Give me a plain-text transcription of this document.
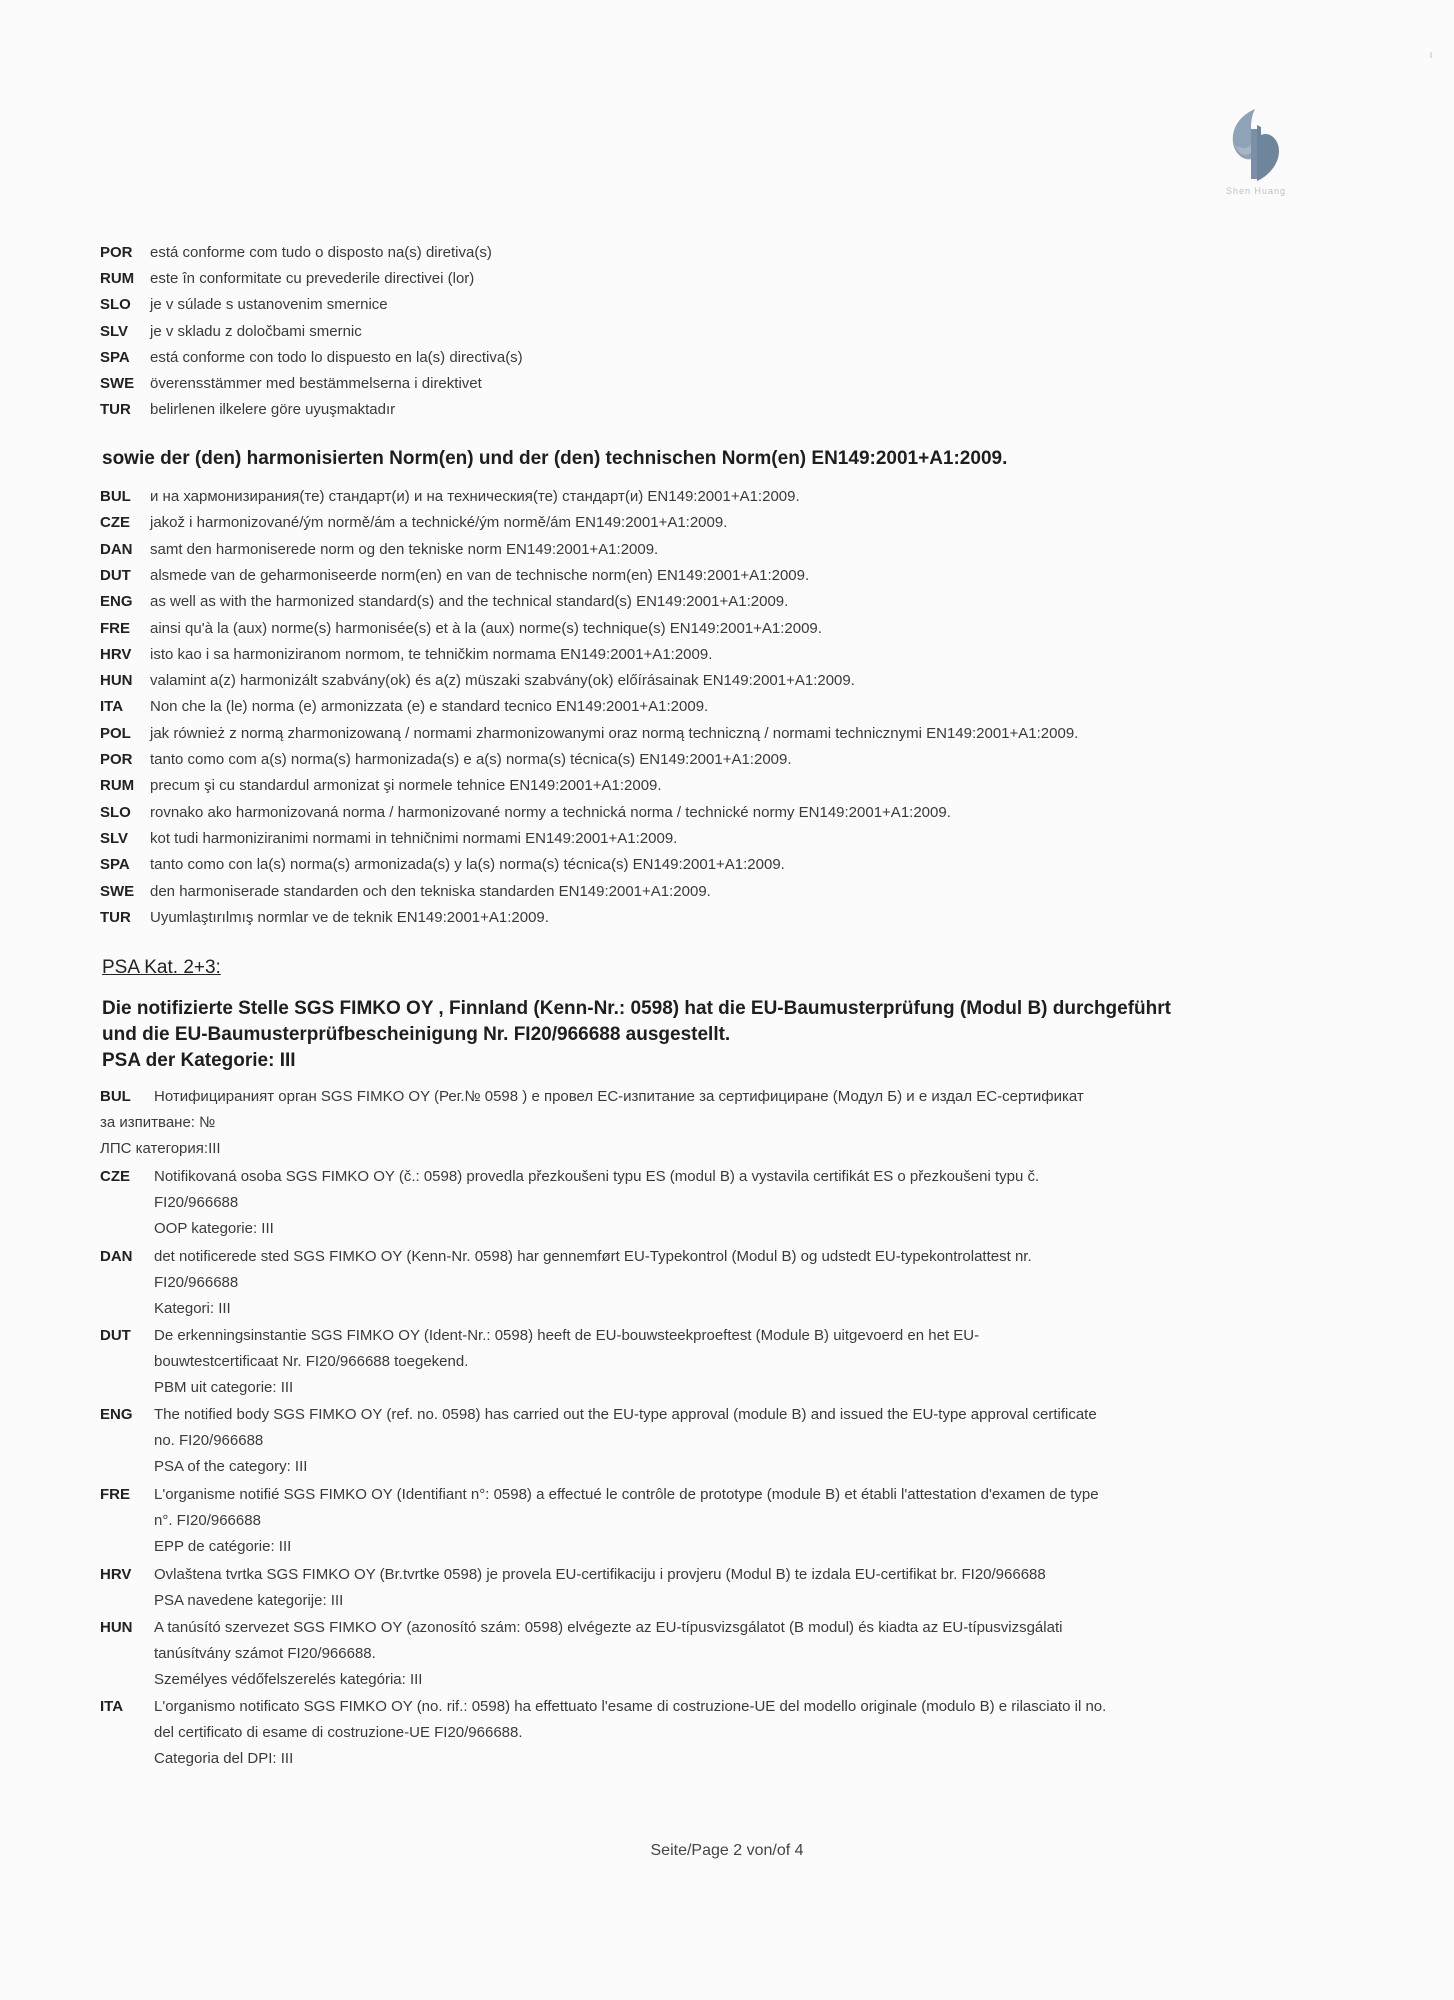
Shen Huang
POR está conforme com tudo o disposto na(s) diretiva(s)
RUM este în conformitate cu prevederile directivei (lor)
SLO je v súlade s ustanovenim smernice
SLV je v skladu z določbami smernic
SPA está conforme con todo lo dispuesto en la(s) directiva(s)
SWE överensstämmer med bestämmelserna i direktivet
TUR belirlenen ilkelere göre uyuşmaktadır
sowie der (den) harmonisierten Norm(en) und der (den) technischen Norm(en) EN149:2001+A1:2009.
BUL и на хармонизирания(те) стандарт(и) и на техническия(те) стандарт(и) EN149:2001+A1:2009.
CZE jakož i harmonizované/ým normě/ám a technické/ým normě/ám EN149:2001+A1:2009.
DAN samt den harmoniserede norm og den tekniske norm EN149:2001+A1:2009.
DUT alsmede van de geharmoniseerde norm(en) en van de technische norm(en) EN149:2001+A1:2009.
ENG as well as with the harmonized standard(s) and the technical standard(s) EN149:2001+A1:2009.
FRE ainsi qu'à la (aux) norme(s) harmonisée(s) et à la (aux) norme(s) technique(s) EN149:2001+A1:2009.
HRV isto kao i sa harmoniziranom normom, te tehničkim normama EN149:2001+A1:2009.
HUN valamint a(z) harmonizált szabvány(ok) és a(z) müszaki szabvány(ok) előírásainak EN149:2001+A1:2009.
ITA Non che la (le) norma (e) armonizzata (e) e standard tecnico EN149:2001+A1:2009.
POL jak również z normą zharmonizowaną / normami zharmonizowanymi oraz normą techniczną / normami technicznymi EN149:2001+A1:2009.
POR tanto como com a(s) norma(s) harmonizada(s) e a(s) norma(s) técnica(s) EN149:2001+A1:2009.
RUM precum şi cu standardul armonizat şi normele tehnice EN149:2001+A1:2009.
SLO rovnako ako harmonizovaná norma / harmonizované normy a technická norma / technické normy EN149:2001+A1:2009.
SLV kot tudi harmoniziranimi normami in tehničnimi normami EN149:2001+A1:2009.
SPA tanto como con la(s) norma(s) armonizada(s) y la(s) norma(s) técnica(s) EN149:2001+A1:2009.
SWE den harmoniserade standarden och den tekniska standarden EN149:2001+A1:2009.
TUR Uyumlaştırılmış normlar ve de teknik EN149:2001+A1:2009.
PSA Kat. 2+3:
Die notifizierte Stelle SGS FIMKO OY , Finnland (Kenn-Nr.: 0598) hat die EU-Baumusterprüfung (Modul B) durchgeführt
und die EU-Baumusterprüfbescheinigung Nr. FI20/966688 ausgestellt.
PSA der Kategorie: III
BUL	Нотифицираният орган SGS FIMKO OY (Рег.№ 0598 ) е провел ЕС-изпитание за сертифициране (Модул Б) и е издал ЕС-сертификат
за изпитване: №
ЛПС категория:III
CZE	Notifikovaná osoba SGS FIMKO OY (č.: 0598) provedla přezkoušeni typu ES (modul B) a vystavila certifikát ES o přezkoušeni typu č.
FI20/966688
OOP kategorie: III
DAN	det notificerede sted SGS FIMKO OY (Kenn-Nr. 0598) har gennemført EU-Typekontrol (Modul B) og udstedt EU-typekontrolattest nr.
FI20/966688
Kategori: III
DUT	De erkenningsinstantie SGS FIMKO OY (Ident-Nr.: 0598) heeft de EU-bouwsteekproeftest (Module B) uitgevoerd en het EU-
bouwtestcertificaat Nr. FI20/966688 toegekend.
PBM uit categorie: III
ENG	The notified body SGS FIMKO OY (ref. no. 0598) has carried out the EU-type approval (module B) and issued the EU-type approval certificate
no. FI20/966688
PSA of the category: III
FRE	L'organisme notifié SGS FIMKO OY (Identifiant n°: 0598) a effectué le contrôle de prototype (module B) et établi l'attestation d'examen de type
n°. FI20/966688
EPP de catégorie: III
HRV	Ovlaštena tvrtka SGS FIMKO OY (Br.tvrtke 0598) je provela EU-certifikaciju i provjeru (Modul B) te izdala EU-certifikat br. FI20/966688
PSA navedene kategorije: III
HUN	A tanúsító szervezet SGS FIMKO OY (azonosító szám: 0598) elvégezte az EU-típusvizsgálatot (B modul) és kiadta az EU-típusvizsgálati
tanúsítvány számot FI20/966688.
Személyes védőfelszerelés kategória: III
ITA	L'organismo notificato SGS FIMKO OY (no. rif.: 0598) ha effettuato l'esame di costruzione-UE del modello originale (modulo B) e rilasciato il no.
del certificato di esame di costruzione-UE FI20/966688.
Categoria del DPI: III
Seite/Page 2 von/of 4
